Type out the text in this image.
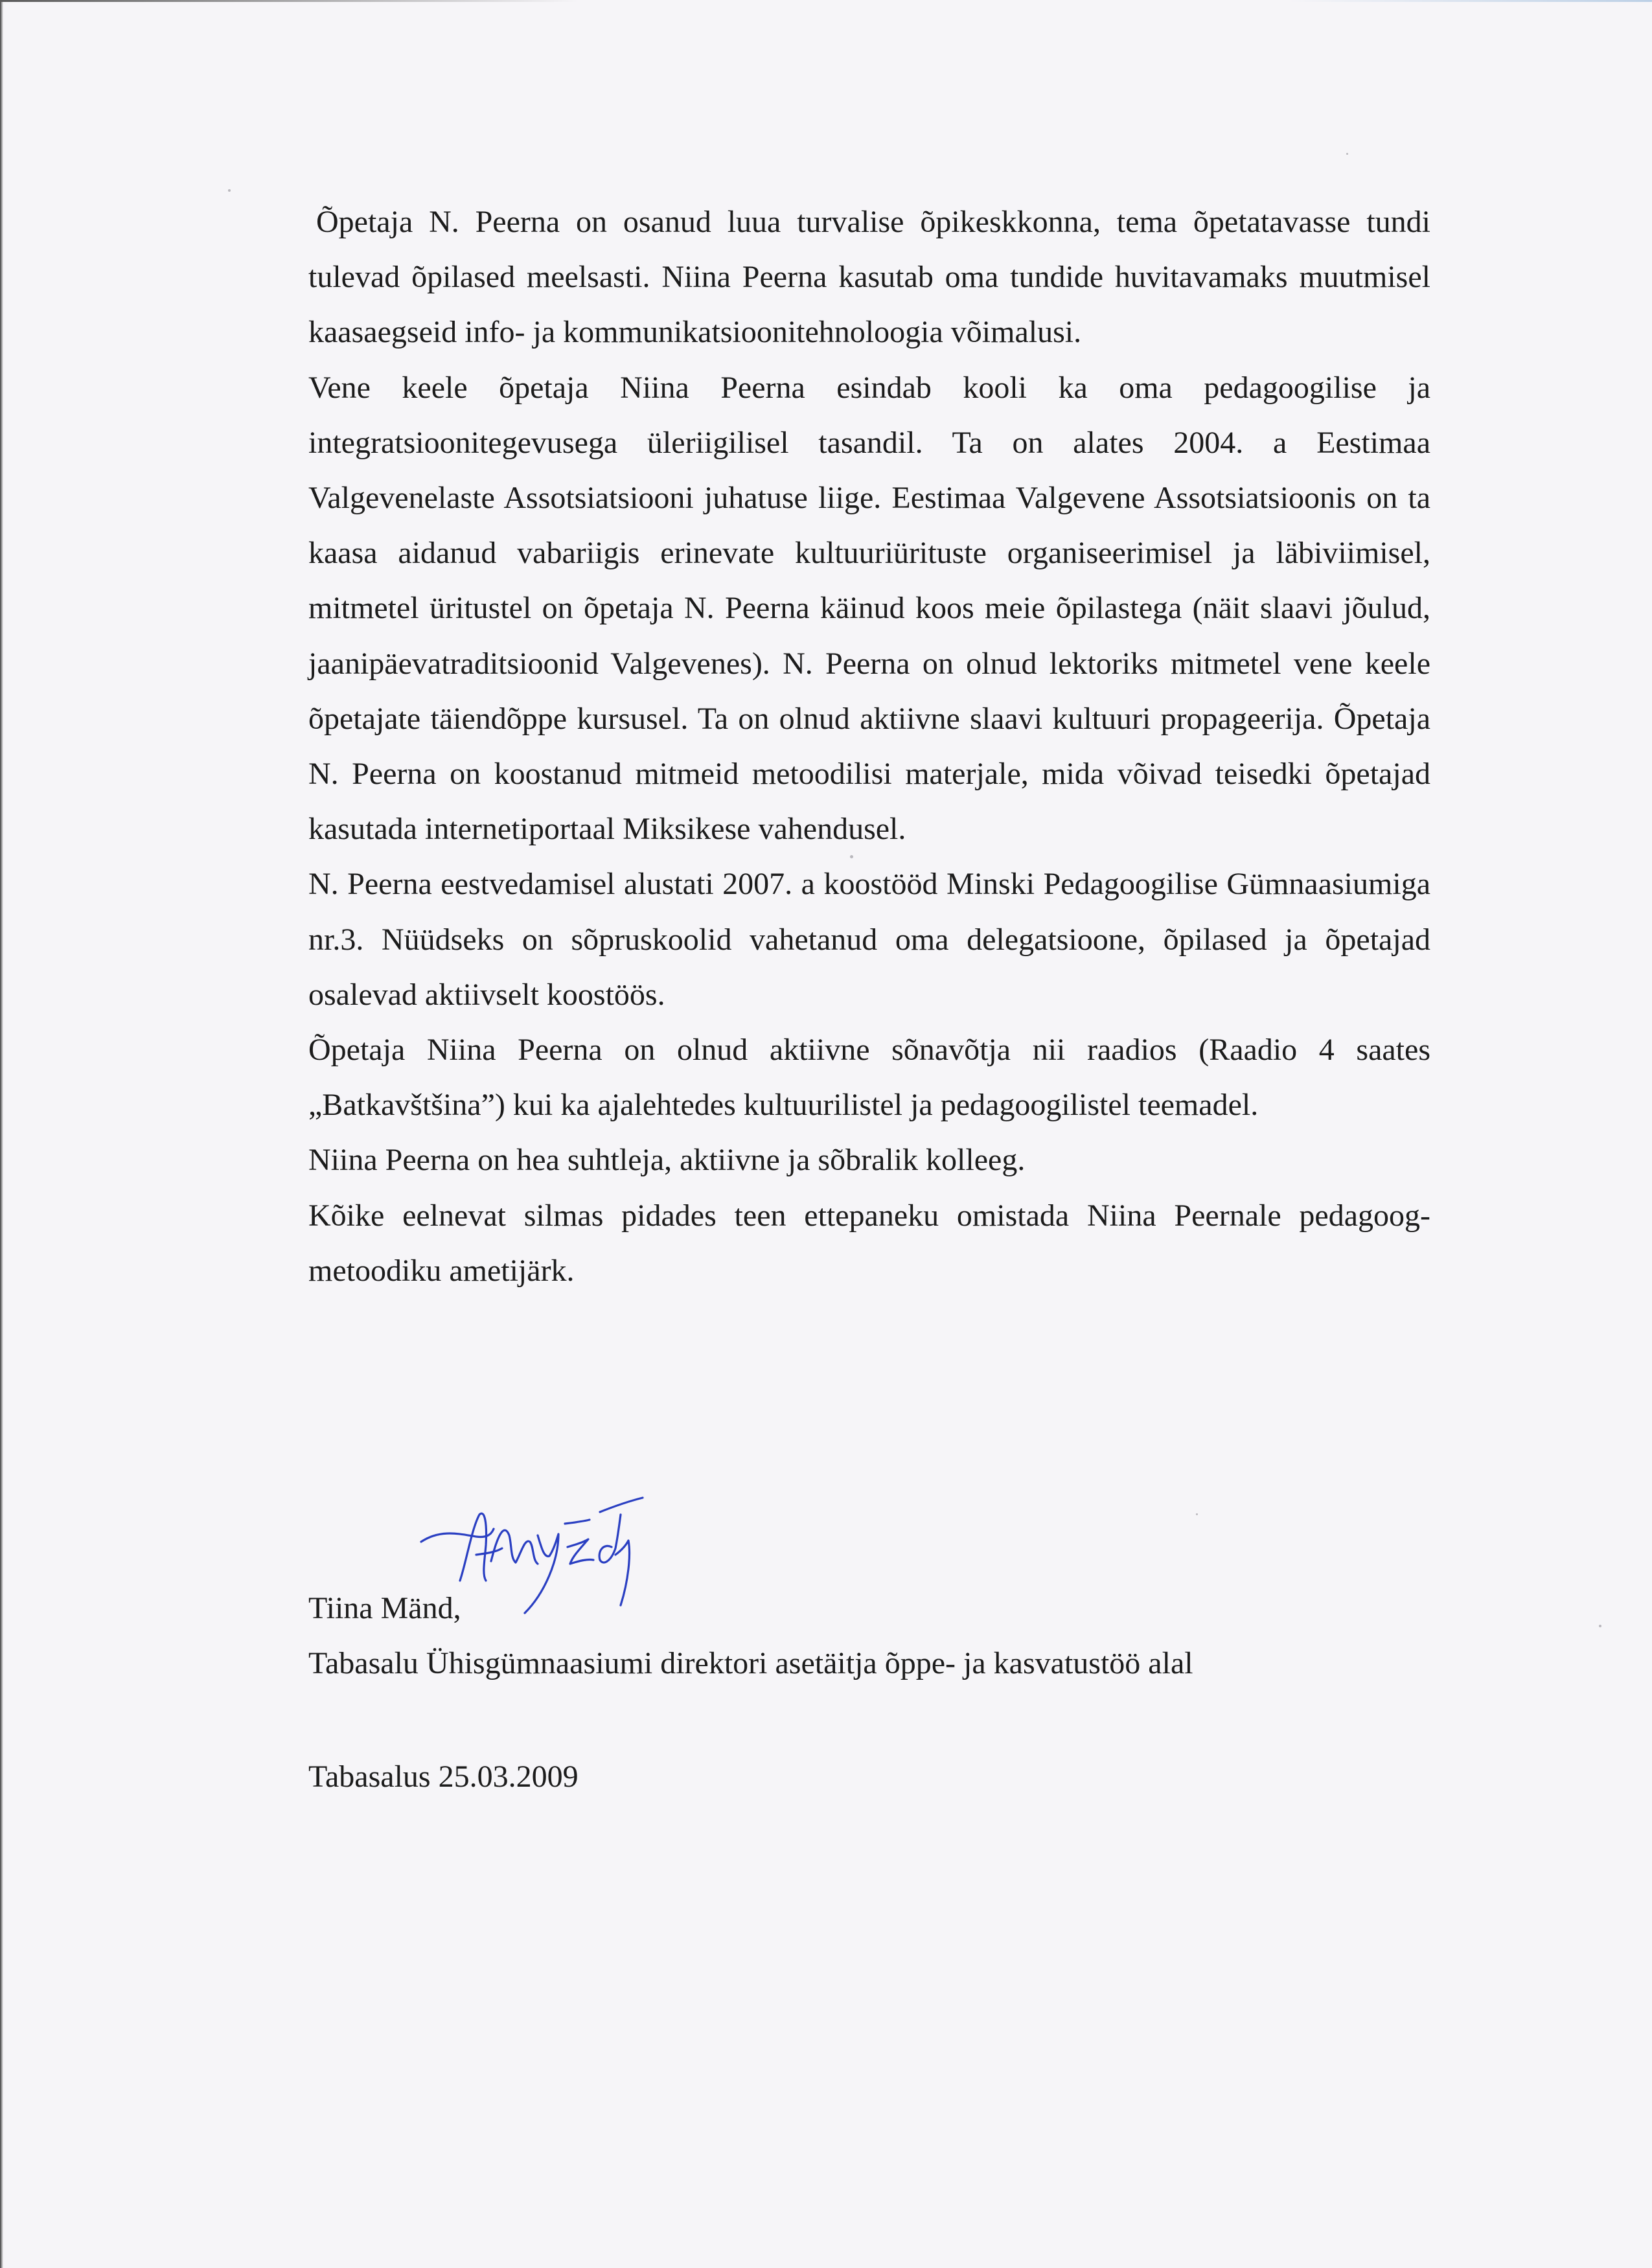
Õpetaja N. Peerna on osanud luua turvalise õpikeskkonna, tema õpetatavasse tundi tulevad õpilased meelsasti. Niina Peerna kasutab oma tundide huvitavamaks muutmisel kaasaegseid info- ja kommunikatsioonitehnoloogia võimalusi.

Vene keele õpetaja Niina Peerna esindab kooli ka oma pedagoogilise ja integratsioonitegevusega üleriigilisel tasandil. Ta on alates 2004. a Eestimaa Valgevenelaste Assotsiatsiooni juhatuse liige. Eestimaa Valgevene Assotsiatsioonis on ta kaasa aidanud vabariigis erinevate kultuuriürituste organiseerimisel ja läbiviimisel, mitmetel üritustel on õpetaja N. Peerna käinud koos meie õpilastega (näit slaavi jõulud, jaanipäevatraditsioonid Valgevenes). N. Peerna on olnud lektoriks mitmetel vene keele õpetajate täiendõppe kursusel. Ta on olnud aktiivne slaavi kultuuri propageerija. Õpetaja N. Peerna on koostanud mitmeid metoodilisi materjale, mida võivad teisedki õpetajad kasutada internetiportaal Miksikese vahendusel.

N. Peerna eestvedamisel alustati 2007. a koostööd Minski Pedagoogilise Gümnaasiumiga nr.3. Nüüdseks on sõpruskoolid vahetanud oma delegatsioone, õpilased ja õpetajad osalevad aktiivselt koostöös.

Õpetaja Niina Peerna on olnud aktiivne sõnavõtja nii raadios (Raadio 4 saates „Batkavštšina”) kui ka ajalehtedes kultuurilistel ja pedagoogilistel teemadel.

Niina Peerna on hea suhtleja, aktiivne ja sõbralik kolleeg.

Kõike eelnevat silmas pidades teen ettepaneku omistada Niina Peernale pedagoog-metoodiku ametijärk.

Tiina Mänd,
Tabasalu Ühisgümnaasiumi direktori asetäitja õppe- ja kasvatustöö alal
Tabasalus 25.03.2009
